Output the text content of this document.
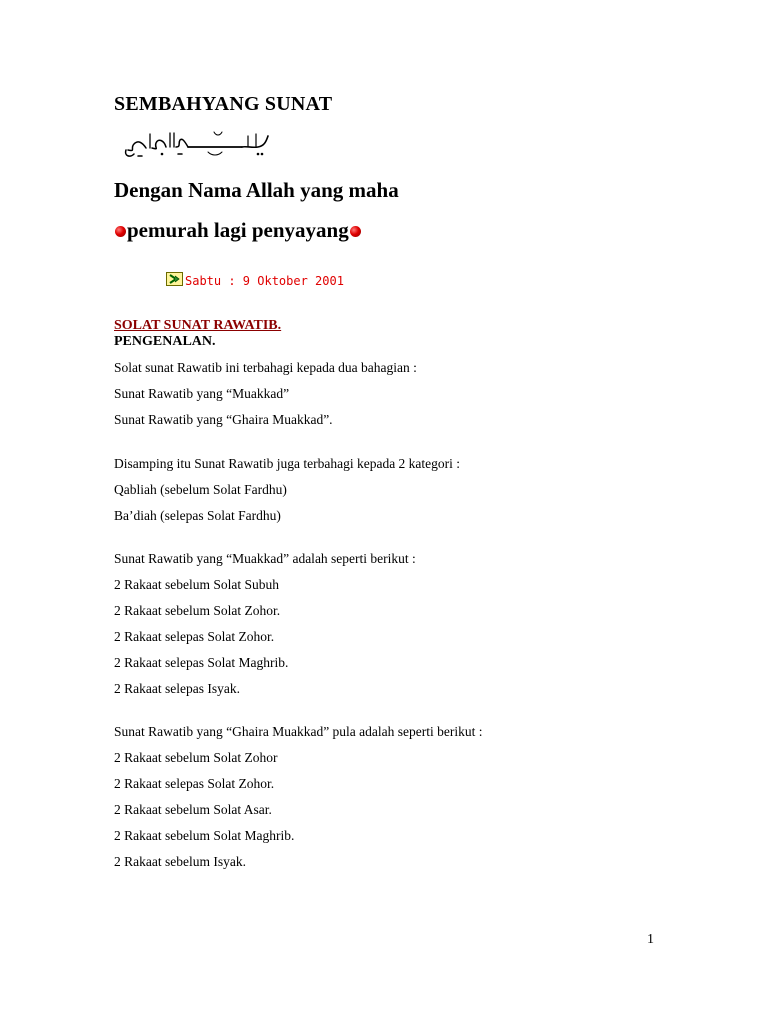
SEMBAHYANG SUNAT
Dengan Nama Allah yang maha
pemurah lagi penyayang
Sabtu : 9 Oktober 2001
SOLAT SUNAT RAWATIB.
PENGENALAN.
Solat sunat Rawatib ini terbahagi kepada dua bahagian :
Sunat Rawatib yang “Muakkad”
Sunat Rawatib yang “Ghaira Muakkad”.
Disamping itu Sunat Rawatib juga terbahagi kepada 2 kategori :
Qabliah (sebelum Solat Fardhu)
Ba’diah (selepas Solat Fardhu)
Sunat Rawatib yang “Muakkad” adalah seperti berikut :
2 Rakaat sebelum Solat Subuh
2 Rakaat sebelum Solat Zohor.
2 Rakaat selepas Solat Zohor.
2 Rakaat selepas Solat Maghrib.
2 Rakaat selepas Isyak.
Sunat Rawatib yang “Ghaira Muakkad” pula adalah seperti berikut :
2 Rakaat sebelum Solat Zohor
2 Rakaat selepas Solat Zohor.
2 Rakaat sebelum Solat Asar.
2 Rakaat sebelum Solat Maghrib.
2 Rakaat sebelum Isyak.
1
